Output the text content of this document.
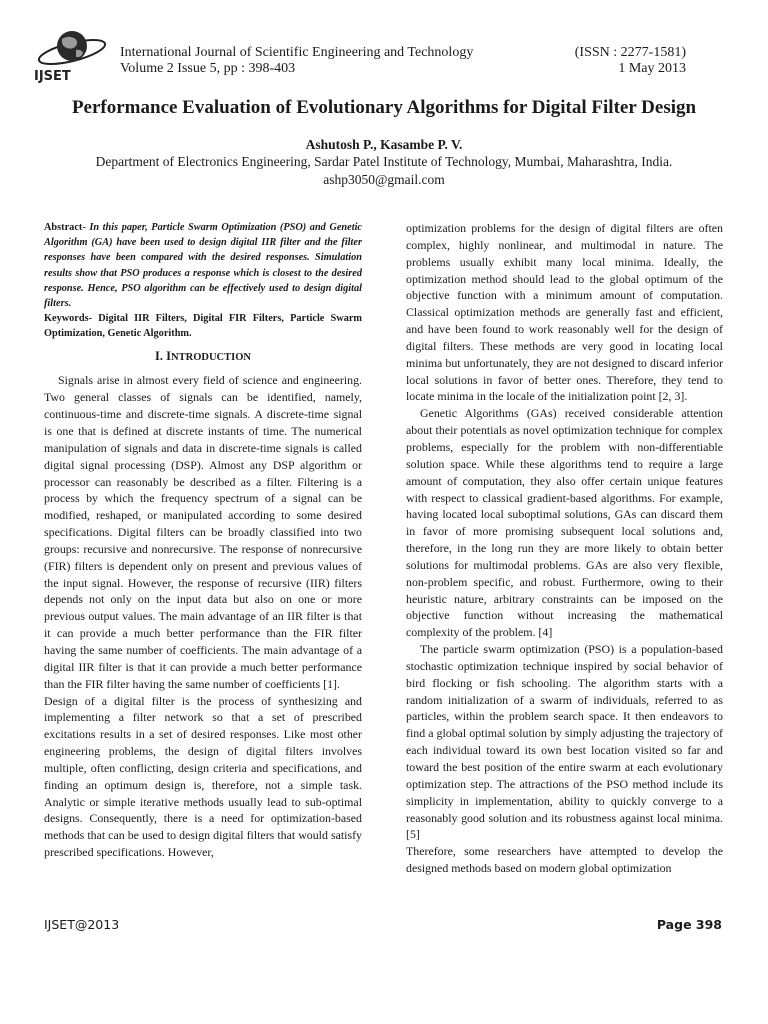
IJSET
International Journal of Scientific Engineering and Technology
Volume 2 Issue 5, pp : 398-403
(ISSN : 2277-1581)
1 May 2013
Performance Evaluation of Evolutionary Algorithms for Digital Filter Design
Ashutosh P., Kasambe P. V.
Department of Electronics Engineering, Sardar Patel Institute of Technology, Mumbai, Maharashtra, India.
ashp3050@gmail.com

Abstract- In this paper, Particle Swarm Optimization (PSO) and Genetic Algorithm (GA) have been used to design digital IIR filter and the filter responses have been compared with the desired responses. Simulation results show that PSO produces a response which is closest to the desired response. Hence, PSO algorithm can be effectively used to design digital filters.

Keywords- Digital IIR Filters, Digital FIR Filters, Particle Swarm Optimization, Genetic Algorithm.

I. INTRODUCTION

Signals arise in almost every field of science and engineering. Two general classes of signals can be identified, namely, continuous-time and discrete-time signals. A discrete-time signal is one that is defined at discrete instants of time. The numerical manipulation of signals and data in discrete-time signals is called digital signal processing (DSP). Almost any DSP algorithm or processor can reasonably be described as a filter. Filtering is a process by which the frequency spectrum of a signal can be modified, reshaped, or manipulated according to some desired specifications. Digital filters can be broadly classified into two groups: recursive and nonrecursive. The response of nonrecursive (FIR) filters is dependent only on present and previous values of the input signal. However, the response of recursive (IIR) filters depends not only on the input data but also on one or more previous output values. The main advantage of an IIR filter is that it can provide a much better performance than the FIR filter having the same number of coefficients. The main advantage of a digital IIR filter is that it can provide a much better performance than the FIR filter having the same number of coefficients [1].

Design of a digital filter is the process of synthesizing and implementing a filter network so that a set of prescribed excitations results in a set of desired responses. Like most other engineering problems, the design of digital filters involves multiple, often conflicting, design criteria and specifications, and finding an optimum design is, therefore, not a simple task. Analytic or simple iterative methods usually lead to sub-optimal designs. Consequently, there is a need for optimization-based methods that can be used to design digital filters that would satisfy prescribed specifications. However,

optimization problems for the design of digital filters are often complex, highly nonlinear, and multimodal in nature. The problems usually exhibit many local minima. Ideally, the optimization method should lead to the global optimum of the objective function with a minimum amount of computation. Classical optimization methods are generally fast and efficient, and have been found to work reasonably well for the design of digital filters. These methods are very good in locating local minima but unfortunately, they are not designed to discard inferior local solutions in favor of better ones. Therefore, they tend to locate minima in the locale of the initialization point [2, 3].

Genetic Algorithms (GAs) received considerable attention about their potentials as novel optimization technique for complex problems, especially for the problem with non-differentiable solution space. While these algorithms tend to require a large amount of computation, they also offer certain unique features with respect to classical gradient-based algorithms. For example, having located local suboptimal solutions, GAs can discard them in favor of more promising subsequent local solutions and, therefore, in the long run they are more likely to obtain better solutions for multimodal problems. GAs are also very flexible, non-problem specific, and robust. Furthermore, owing to their heuristic nature, arbitrary constraints can be imposed on the objective function without increasing the mathematical complexity of the problem. [4]

The particle swarm optimization (PSO) is a population-based stochastic optimization technique inspired by social behavior of bird flocking or fish schooling. The algorithm starts with a random initialization of a swarm of individuals, referred to as particles, within the problem search space. It then endeavors to find a global optimal solution by simply adjusting the trajectory of each individual toward its own best location visited so far and toward the best position of the entire swarm at each evolutionary optimization step. The attractions of the PSO method include its simplicity in implementation, ability to quickly converge to a reasonably good solution and its robustness against local minima. [5]

Therefore, some researchers have attempted to develop the designed methods based on modern global optimization

IJSET@2013	Page 398
